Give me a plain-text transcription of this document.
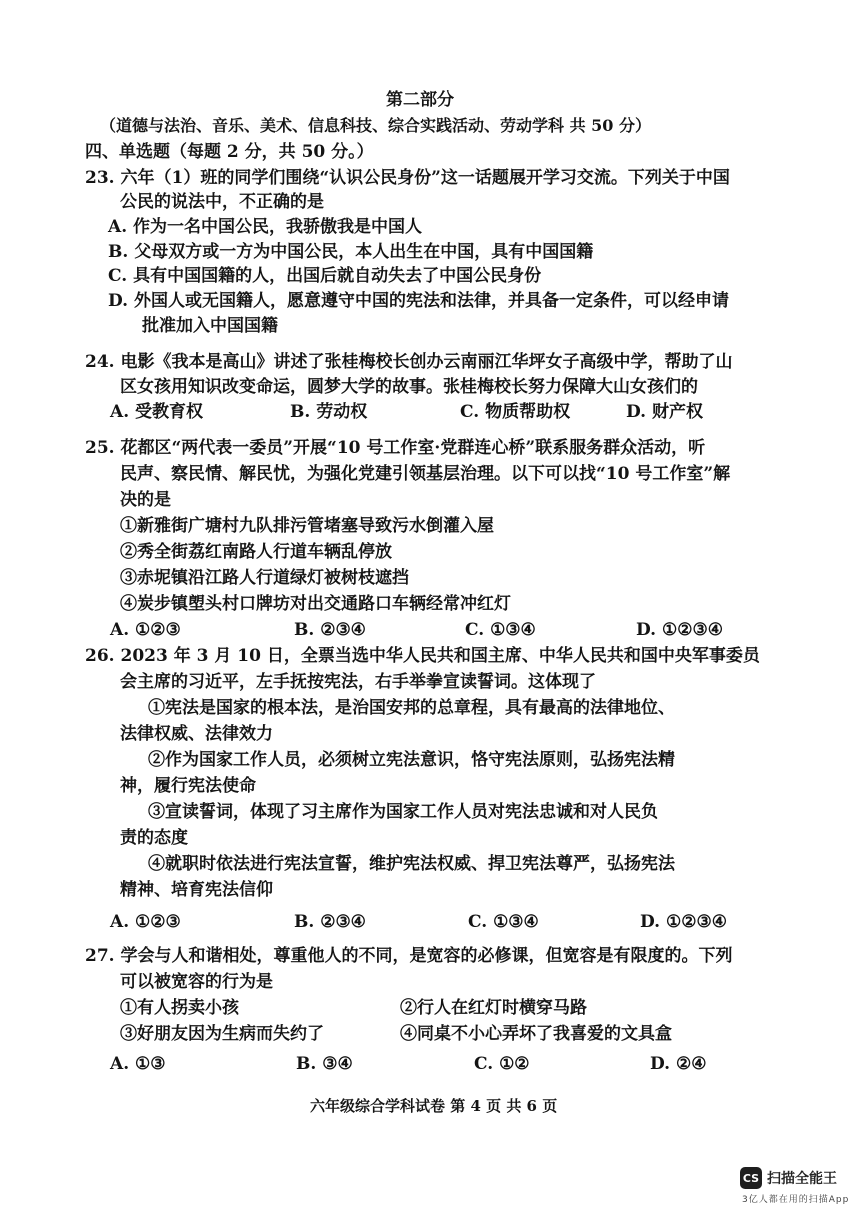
第二部分
（道德与法治、音乐、美术、信息科技、综合实践活动、劳动学科 共 50 分）
四、单选题（每题 2 分，共 50 分。）
23. 六年（1）班的同学们围绕“认识公民身份”这一话题展开学习交流。下列关于中国
公民的说法中，不正确的是
A. 作为一名中国公民，我骄傲我是中国人
B. 父母双方或一方为中国公民，本人出生在中国，具有中国国籍
C. 具有中国国籍的人，出国后就自动失去了中国公民身份
D. 外国人或无国籍人，愿意遵守中国的宪法和法律，并具备一定条件，可以经申请
批准加入中国国籍
24. 电影《我本是高山》讲述了张桂梅校长创办云南丽江华坪女子高级中学，帮助了山
区女孩用知识改变命运，圆梦大学的故事。张桂梅校长努力保障大山女孩们的
A. 受教育权	B. 劳动权	C. 物质帮助权	D. 财产权
25. 花都区“两代表一委员”开展“10 号工作室·党群连心桥”联系服务群众活动，听
民声、察民情、解民忧，为强化党建引领基层治理。以下可以找“10 号工作室”解
决的是
①新雅街广塘村九队排污管堵塞导致污水倒灌入屋
②秀全街荔红南路人行道车辆乱停放
③赤坭镇沿江路人行道绿灯被树枝遮挡
④炭步镇塱头村口牌坊对出交通路口车辆经常冲红灯
A. ①②③	B. ②③④	C. ①③④	D. ①②③④
26. 2023 年 3 月 10 日，全票当选中华人民共和国主席、中华人民共和国中央军事委员
会主席的习近平，左手抚按宪法，右手举拳宣读誓词。这体现了
①宪法是国家的根本法，是治国安邦的总章程，具有最高的法律地位、
法律权威、法律效力
②作为国家工作人员，必须树立宪法意识，恪守宪法原则，弘扬宪法精
神，履行宪法使命
③宣读誓词，体现了习主席作为国家工作人员对宪法忠诚和对人民负
责的态度
④就职时依法进行宪法宣誓，维护宪法权威、捍卫宪法尊严，弘扬宪法
精神、培育宪法信仰
A. ①②③	B. ②③④	C. ①③④	D. ①②③④
27. 学会与人和谐相处，尊重他人的不同，是宽容的必修课，但宽容是有限度的。下列
可以被宽容的行为是
①有人拐卖小孩	②行人在红灯时横穿马路
③好朋友因为生病而失约了	④同桌不小心弄坏了我喜爱的文具盒
A. ①③	B. ③④	C. ①②	D. ②④
六年级综合学科试卷 第 4 页 共 6 页
CS 扫描全能王
3亿人都在用的扫描App
